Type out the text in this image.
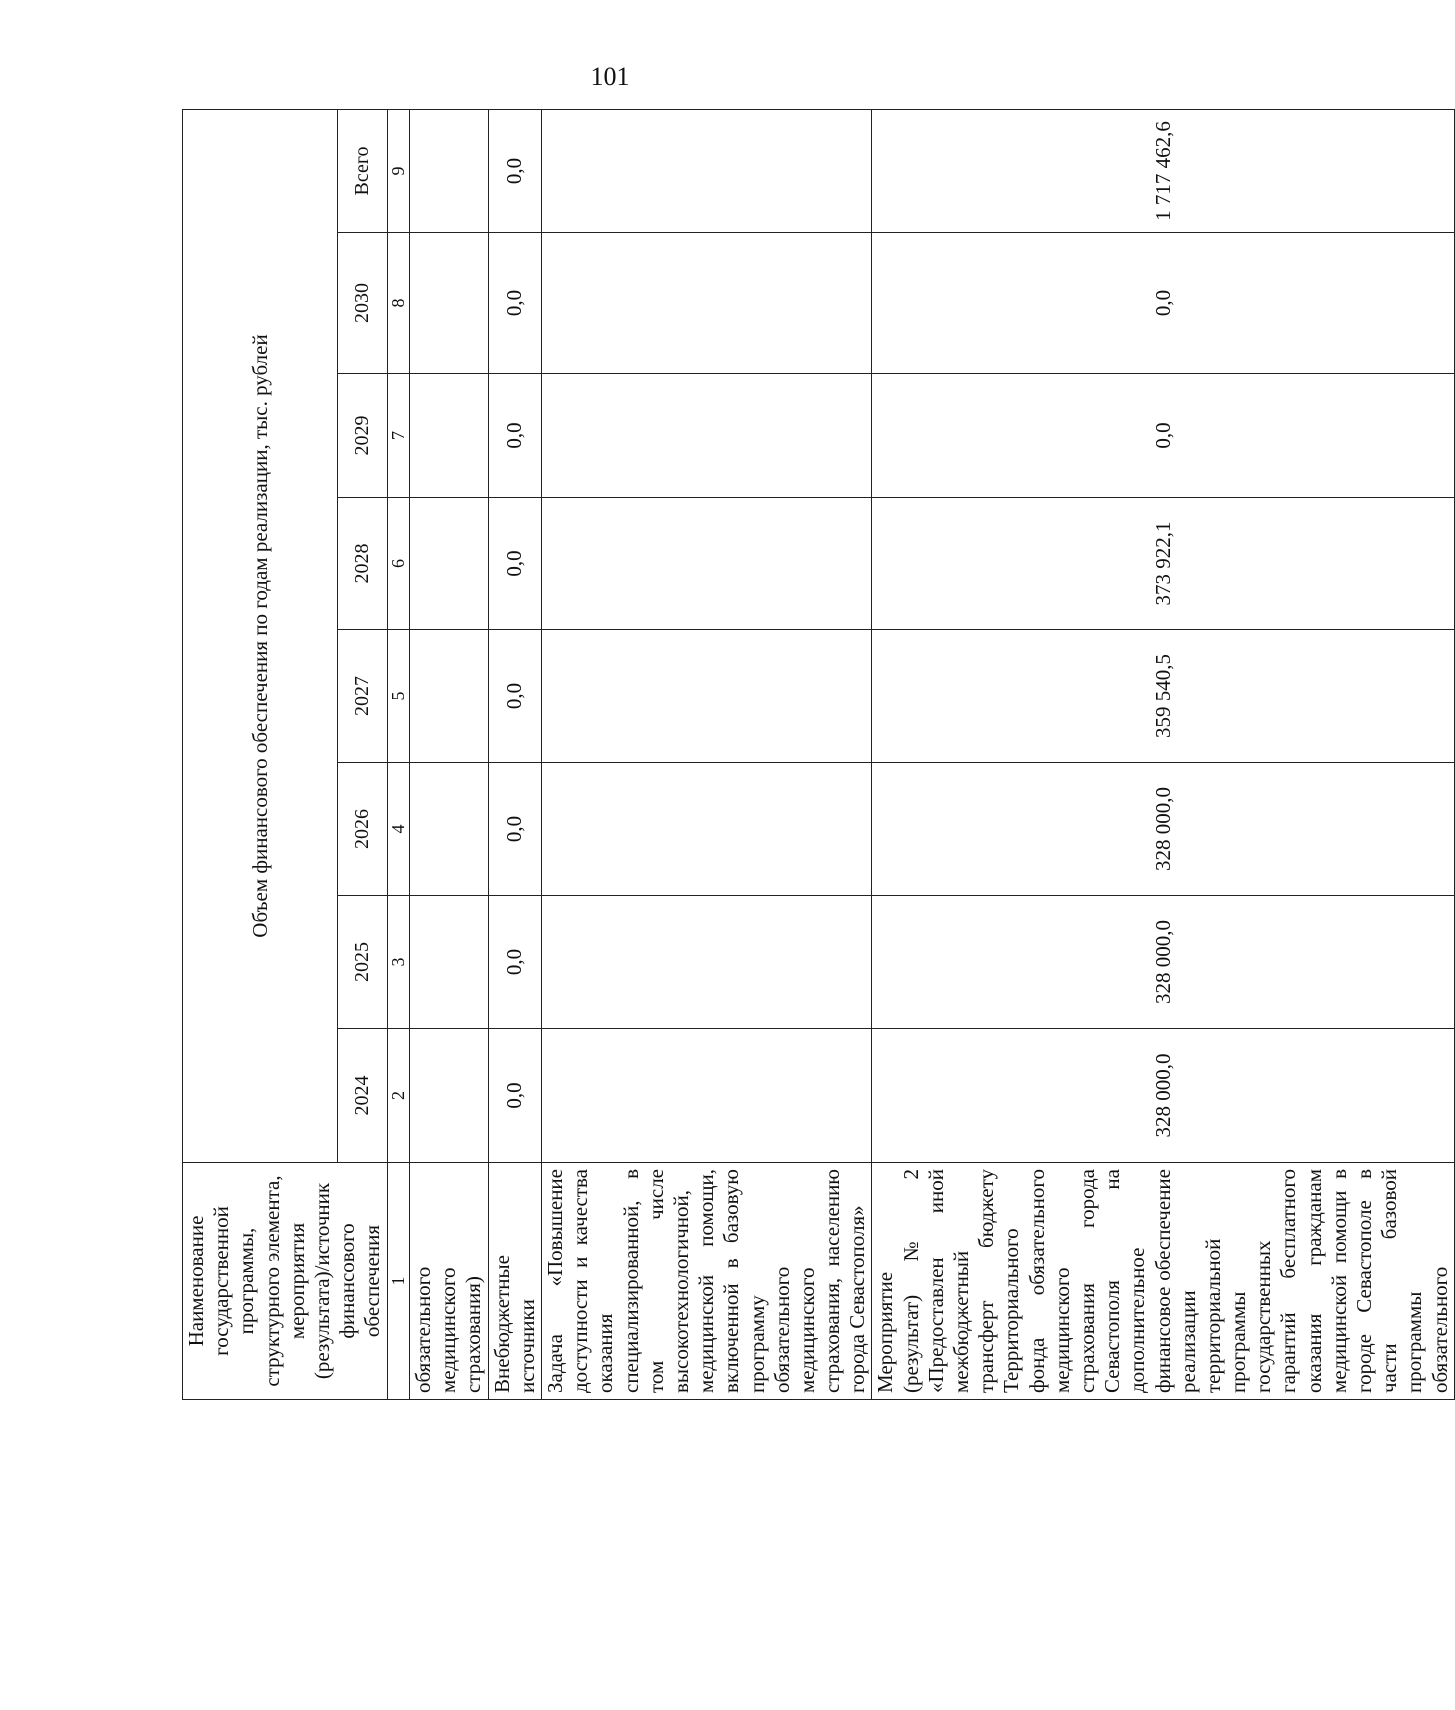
101
Наименование государственной программы, структурного элемента, мероприятия (результата)/источник финансового обеспечения	Объем финансового обеспечения по годам реализации, тыс. рублей							
	2024	2025	2026	2027	2028	2029	2030	Всего
1	2	3	4	5	6	7	8	9
обязательного медицинского страхования)								
Внебюджетные источники	0,0	0,0	0,0	0,0	0,0	0,0	0,0	0,0
Задача «Повышение доступности и качества оказания специализированной, в том числе высокотехнологичной, медицинской помощи, включенной в базовую программу обязательного медицинского страхования, населению города Севастополя»								
Мероприятие (результат) № 2 «Предоставлен иной межбюджетный трансферт бюджету Территориального фонда обязательного медицинского страхования города Севастополя на дополнительное финансовое обеспечение реализации территориальной программы государственных гарантий бесплатного оказания гражданам медицинской помощи в городе Севастополе в части базовой программы обязательного	328 000,0	328 000,0	328 000,0	359 540,5	373 922,1	0,0	0,0	1 717 462,6
